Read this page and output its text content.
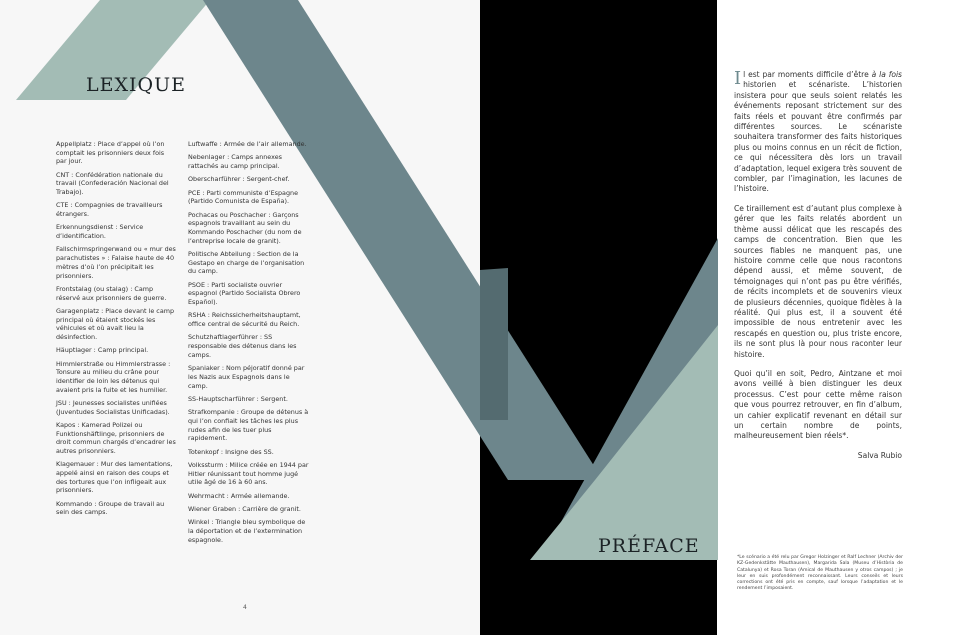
LEXIQUE
Appellplatz : Place d’appel où l’on comptait les prisonniers deux fois par jour.
CNT : Confédération nationale du travail (Confederación Nacional del Trabajo).
CTE : Compagnies de travailleurs étrangers.
Erkennungsdienst : Service d’identification.
Fallschirmspringerwand ou « mur des parachutistes » : Falaise haute de 40 mètres d’où l’on précipitait les prisonniers.
Frontstalag (ou stalag) : Camp réservé aux prisonniers de guerre.
Garagenplatz : Place devant le camp principal où étaient stockés les véhicules et où avait lieu la désinfection.
Häuptlager : Camp principal.
Himmlerstraße ou Himmlerstrasse : Tonsure au milieu du crâne pour identifier de loin les détenus qui avaient pris la fuite et les humilier.
JSU : Jeunesses socialistes unifiées (Juventudes Socialistas Unificadas).
Kapos : Kamerad Polizei ou Funktionshäftlinge, prisonniers de droit commun chargés d’encadrer les autres prisonniers.
Klagemauer : Mur des lamentations, appelé ainsi en raison des coups et des tortures que l’on infligeait aux prisonniers.
Kommando : Groupe de travail au sein des camps.
Luftwaffe : Armée de l’air allemande.
Nebenlager : Camps annexes rattachés au camp principal.
Oberscharführer : Sergent-chef.
PCE : Parti communiste d’Espagne (Partido Comunista de España).
Pochacas ou Poschacher : Garçons espagnols travaillant au sein du Kommando Poschacher (du nom de l’entreprise locale de granit).
Politische Abteilung : Section de la Gestapo en charge de l’organisation du camp.
PSOE : Parti socialiste ouvrier espagnol (Partido Socialista Obrero Español).
RSHA : Reichssicherheitshauptamt, office central de sécurité du Reich.
Schutzhaftlagerführer : SS responsable des détenus dans les camps.
Spaniaker : Nom péjoratif donné par les Nazis aux Espagnols dans le camp.
SS-Hauptscharführer : Sergent.
Strafkompanie : Groupe de détenus à qui l’on confiait les tâches les plus rudes afin de les tuer plus rapidement.
Totenkopf : Insigne des SS.
Volkssturm : Milice créée en 1944 par Hitler réunissant tout homme jugé utile âgé de 16 à 60 ans.
Wehrmacht : Armée allemande.
Wiener Graben : Carrière de granit.
Winkel : Triangle bleu symbolique de la déportation et de l’extermination espagnole.
4
PRÉFACE

Il est par moments difficile d’être à la fois historien et scénariste. L’historien insistera pour que seuls soient relatés les événements reposant strictement sur des faits réels et pouvant être confirmés par différentes sources. Le scénariste souhaitera transformer des faits historiques plus ou moins connus en un récit de fiction, ce qui nécessitera dès lors un travail d’adaptation, lequel exigera très souvent de combler, par l’imagination, les lacunes de l’histoire.

Ce tiraillement est d’autant plus complexe à gérer que les faits relatés abordent un thème aussi délicat que les rescapés des camps de concentration. Bien que les sources fiables ne manquent pas, une histoire comme celle que nous racontons dépend aussi, et même souvent, de témoignages qui n’ont pas pu être vérifiés, de récits incomplets et de souvenirs vieux de plusieurs décennies, quoique fidèles à la réalité. Qui plus est, il a souvent été impossible de nous entretenir avec les rescapés en question ou, plus triste encore, ils ne sont plus là pour nous raconter leur histoire.

Quoi qu’il en soit, Pedro, Aintzane et moi avons veillé à bien distinguer les deux processus. C’est pour cette même raison que vous pourrez retrouver, en fin d’album, un cahier explicatif revenant en détail sur un certain nombre de points, malheureusement bien réels*.

Salva Rubio

*Le scénario a été relu par Gregor Holzinger et Ralf Lechner (Archiv der KZ-Gedenkstätte Mauthausen), Margarida Sala (Museu d’Història de Catalunya) et Rosa Toran (Amical de Mauthausen y otros campos) ; je leur en suis profondément reconnaissant. Leurs conseils et leurs corrections ont été pris en compte, sauf lorsque l’adaptation et le rendement l’imposaient.
